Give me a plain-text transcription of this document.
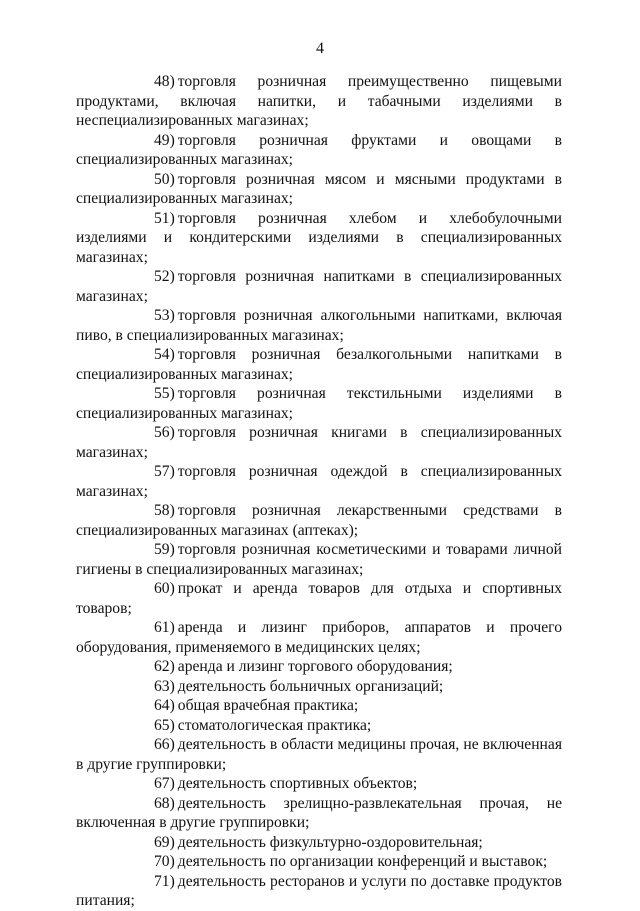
4

48) торговля розничная преимущественно пищевыми продуктами, включая напитки, и табачными изделиями в неспециализированных магазинах;

49) торговля розничная фруктами и овощами в специализированных магазинах;

50) торговля розничная мясом и мясными продуктами в специализированных магазинах;

51) торговля розничная хлебом и хлебобулочными изделиями и кондитерскими изделиями в специализированных магазинах;

52) торговля розничная напитками в специализированных магазинах;

53) торговля розничная алкогольными напитками, включая пиво, в специализированных магазинах;

54) торговля розничная безалкогольными напитками в специализированных магазинах;

55) торговля розничная текстильными изделиями в специализированных магазинах;

56) торговля розничная книгами в специализированных магазинах;

57) торговля розничная одеждой в специализированных магазинах;

58) торговля розничная лекарственными средствами в специализированных магазинах (аптеках);

59) торговля розничная косметическими и товарами личной гигиены в специализированных магазинах;

60) прокат и аренда товаров для отдыха и спортивных товаров;

61) аренда и лизинг приборов, аппаратов и прочего оборудования, применяемого в медицинских целях;

62) аренда и лизинг торгового оборудования;

63) деятельность больничных организаций;

64) общая врачебная практика;

65) стоматологическая практика;

66) деятельность в области медицины прочая, не включенная в другие группировки;

67) деятельность спортивных объектов;

68) деятельность зрелищно-развлекательная прочая, не включенная в другие группировки;

69) деятельность физкультурно-оздоровительная;

70) деятельность по организации конференций и выставок;

71) деятельность ресторанов и услуги по доставке продуктов питания;
